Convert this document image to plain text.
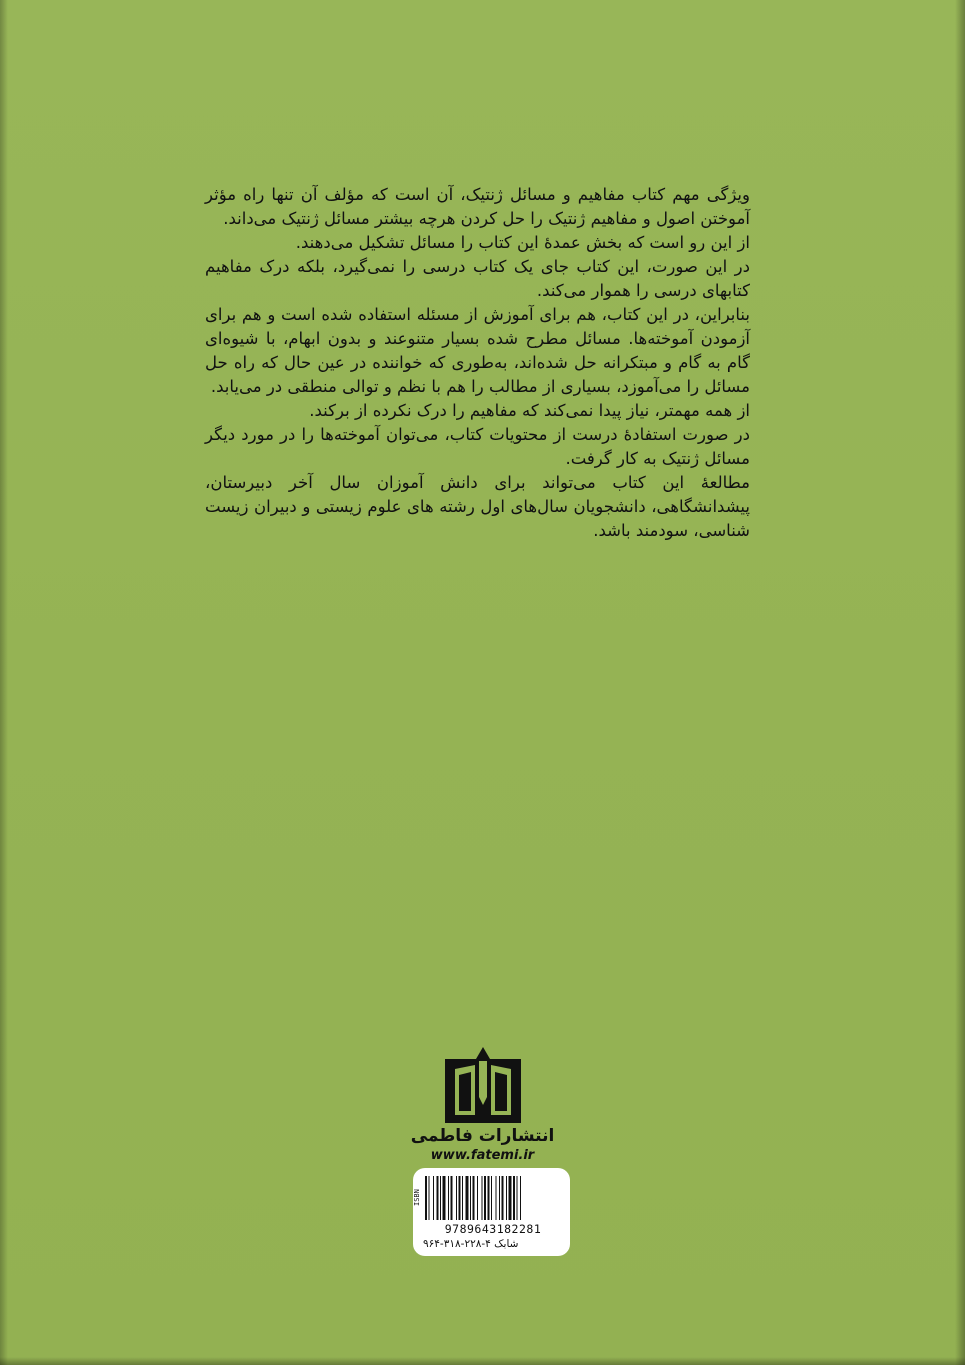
ویژگی مهم کتاب مفاهیم و مسائل ژنتیک، آن است که مؤلف آن تنها راه مؤثر آموختن اصول و مفاهیم ژنتیک را حل کردن هرچه بیشتر مسائل ژنتیک می‌داند.

از این رو است که بخش عمدهٔ این کتاب را مسائل تشکیل می‌دهند.

در این صورت، این کتاب جای یک کتاب درسی را نمی‌گیرد، بلکه درک مفاهیم کتابهای درسی را هموار می‌کند.

بنابراین، در این کتاب، هم برای آموزش از مسئله استفاده شده است و هم برای آزمودن آموخته‌ها. مسائل مطرح شده بسیار متنوعند و بدون ابهام، با شیوه‌ای گام به گام و مبتکرانه حل شده‌اند، به‌طوری که خواننده در عین حال که راه حل مسائل را می‌آموزد، بسیاری از مطالب را هم با نظم و توالی منطقی در می‌یابد.

از همه مهمتر، نیاز پیدا نمی‌کند که مفاهیم را درک نکرده از برکند.

در صورت استفادهٔ درست از محتویات کتاب، می‌توان آموخته‌ها را در مورد دیگر مسائل ژنتیک به کار گرفت.

مطالعهٔ این کتاب می‌تواند برای دانش آموزان سال آخر دبیرستان، پیشدانشگاهی، دانشجویان سال‌های اول رشته های علوم زیستی و دبیران زیست شناسی، سودمند باشد.

انتشارات فاطمی
www.fatemi.ir
ISBN
9789643182281
شابک ۴-۲۲۸-۳۱۸-۹۶۴
